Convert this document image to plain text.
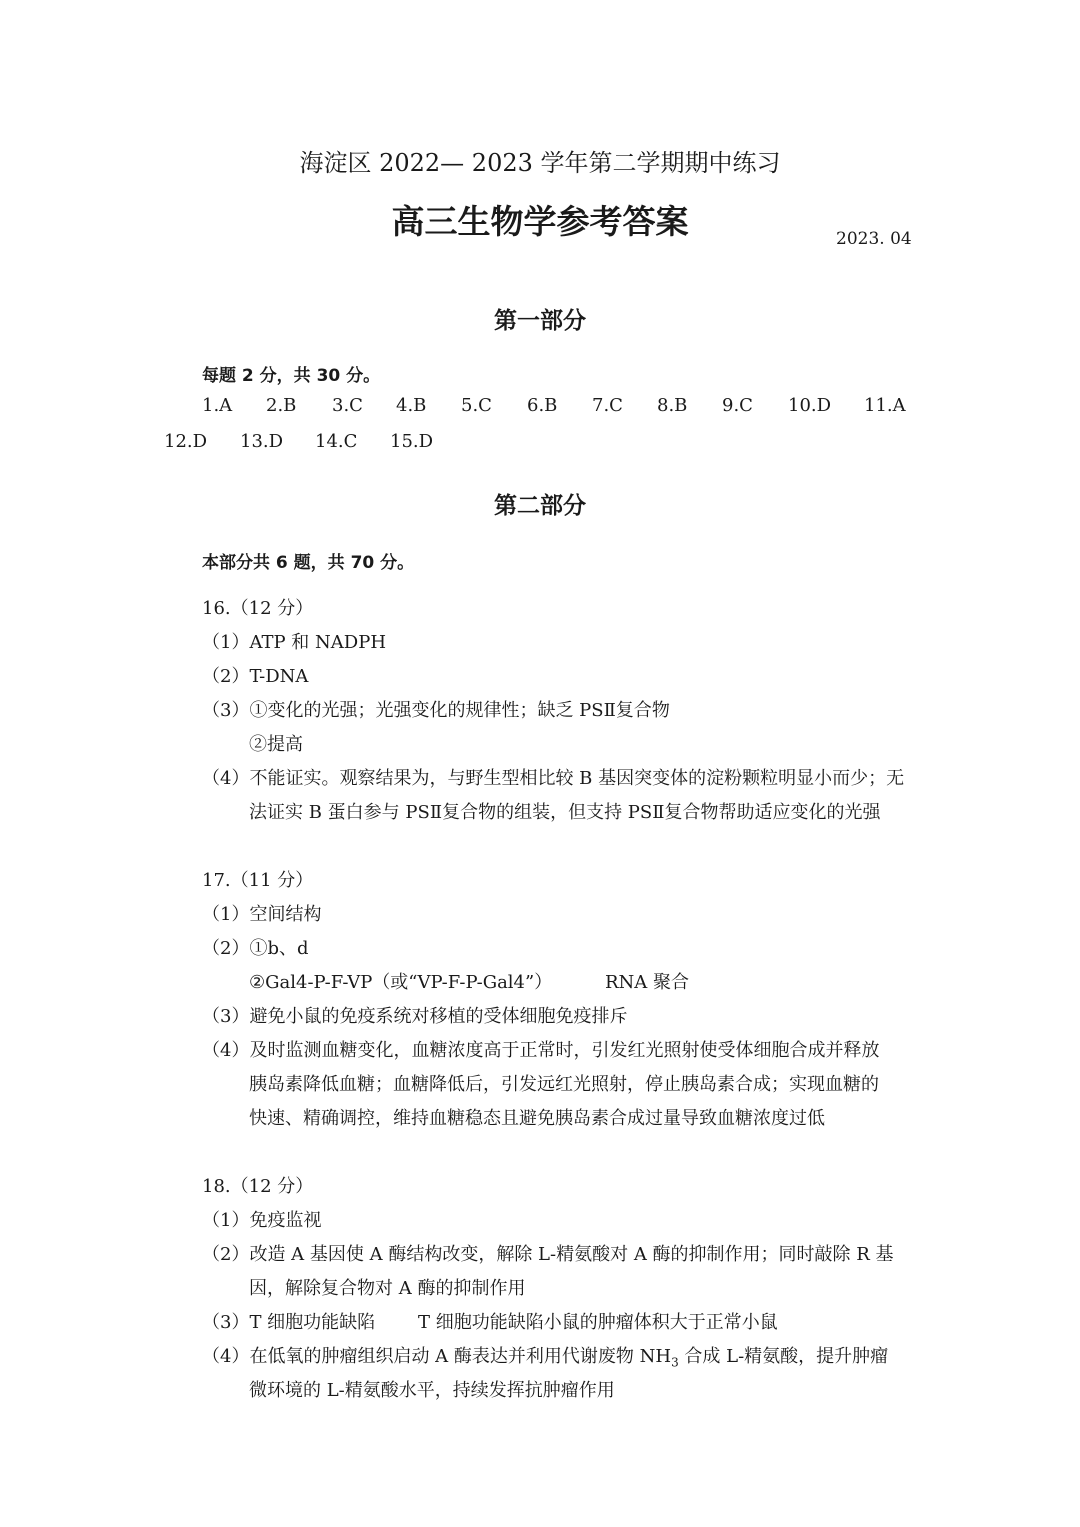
海淀区 2022— 2023 学年第二学期期中练习
高三生物学参考答案	2023. 04
第一部分
每题 2 分，共 30 分。
1.A 2.B 3.C 4.B 5.C 6.B 7.C 8.B 9.C 10.D 11.A
12.D 13.D 14.C 15.D
第二部分
本部分共 6 题，共 70 分。
16.（12 分）
（1）ATP 和 NADPH
（2）T-DNA
（3）①变化的光强；光强变化的规律性；缺乏 PSⅡ复合物
②提高
（4）不能证实。观察结果为，与野生型相比较 B 基因突变体的淀粉颗粒明显小而少；无
法证实 B 蛋白参与 PSⅡ复合物的组装，但支持 PSⅡ复合物帮助适应变化的光强
17.（11 分）
（1）空间结构
（2）①b、d
②Gal4-P-F-VP（或“VP-F-P-Gal4”）	RNA 聚合
（3）避免小鼠的免疫系统对移植的受体细胞免疫排斥
（4）及时监测血糖变化，血糖浓度高于正常时，引发红光照射使受体细胞合成并释放
胰岛素降低血糖；血糖降低后，引发远红光照射，停止胰岛素合成；实现血糖的
快速、精确调控，维持血糖稳态且避免胰岛素合成过量导致血糖浓度过低
18.（12 分）
（1）免疫监视
（2）改造 A 基因使 A 酶结构改变，解除 L-精氨酸对 A 酶的抑制作用；同时敲除 R 基
因，解除复合物对 A 酶的抑制作用
（3）T 细胞功能缺陷 T 细胞功能缺陷小鼠的肿瘤体积大于正常小鼠
（4）在低氧的肿瘤组织启动 A 酶表达并利用代谢废物 $NH_3$ 合成 L-精氨酸，提升肿瘤
微环境的 L-精氨酸水平，持续发挥抗肿瘤作用
